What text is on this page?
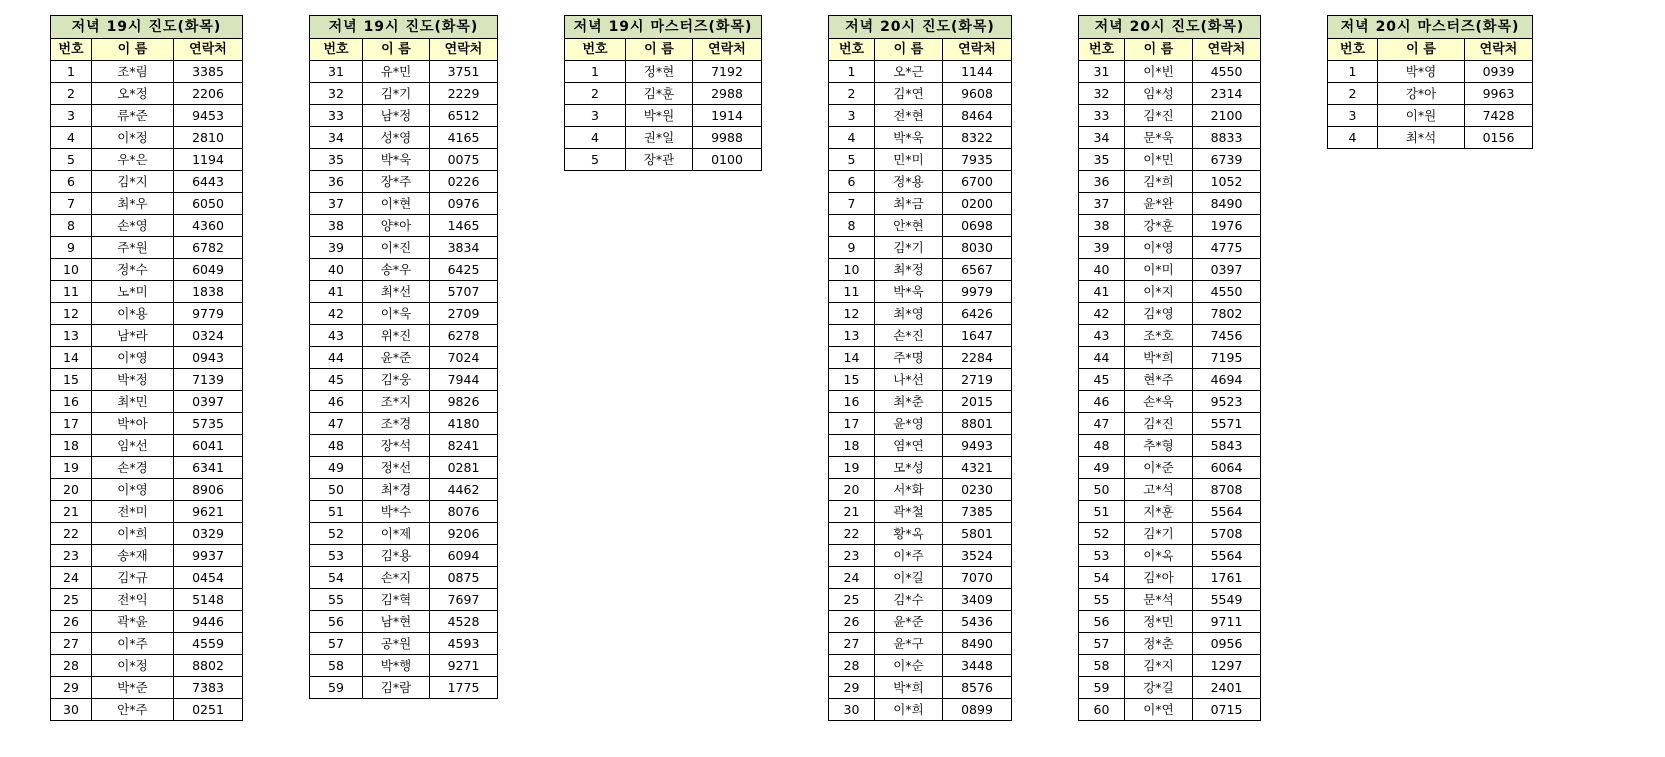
저녁 19시 진도(화목)		
번호	이 름	연락처
1	조*림	3385
2	오*정	2206
3	류*준	9453
4	이*정	2810
5	우*은	1194
6	김*지	6443
7	최*우	6050
8	손*영	4360
9	주*원	6782
10	정*수	6049
11	노*미	1838
12	이*용	9779
13	남*라	0324
14	이*영	0943
15	박*정	7139
16	최*민	0397
17	박*아	5735
18	임*선	6041
19	손*경	6341
20	이*영	8906
21	전*미	9621
22	이*희	0329
23	송*재	9937
24	김*규	0454
25	전*익	5148
26	곽*윤	9446
27	이*주	4559
28	이*정	8802
29	박*준	7383
30	안*주	0251
저녁 19시 진도(화목)		
번호	이 름	연락처
31	유*민	3751
32	김*기	2229
33	남*정	6512
34	성*영	4165
35	박*욱	0075
36	장*주	0226
37	이*현	0976
38	양*아	1465
39	이*진	3834
40	송*우	6425
41	최*선	5707
42	이*욱	2709
43	위*진	6278
44	윤*준	7024
45	김*웅	7944
46	조*지	9826
47	조*경	4180
48	장*석	8241
49	정*선	0281
50	최*경	4462
51	박*수	8076
52	이*제	9206
53	김*용	6094
54	손*지	0875
55	김*혁	7697
56	남*현	4528
57	공*원	4593
58	박*행	9271
59	김*람	1775
저녁 19시 마스터즈(화목)		
번호	이 름	연락처
1	정*현	7192
2	김*훈	2988
3	박*원	1914
4	권*일	9988
5	장*관	0100
저녁 20시 진도(화목)		
번호	이 름	연락처
1	오*근	1144
2	김*연	9608
3	전*현	8464
4	박*욱	8322
5	민*미	7935
6	정*용	6700
7	최*금	0200
8	안*현	0698
9	김*기	8030
10	최*정	6567
11	박*욱	9979
12	최*영	6426
13	손*진	1647
14	주*명	2284
15	나*선	2719
16	최*춘	2015
17	윤*영	8801
18	염*연	9493
19	모*성	4321
20	서*화	0230
21	곽*철	7385
22	황*옥	5801
23	이*주	3524
24	이*길	7070
25	김*수	3409
26	윤*준	5436
27	윤*구	8490
28	이*순	3448
29	박*희	8576
30	이*희	0899
저녁 20시 진도(화목)		
번호	이 름	연락처
31	이*빈	4550
32	임*성	2314
33	김*진	2100
34	문*욱	8833
35	이*민	6739
36	김*희	1052
37	윤*완	8490
38	강*훈	1976
39	이*영	4775
40	이*미	0397
41	이*지	4550
42	김*영	7802
43	조*호	7456
44	박*희	7195
45	현*주	4694
46	손*욱	9523
47	김*진	5571
48	추*형	5843
49	이*준	6064
50	고*석	8708
51	지*훈	5564
52	김*기	5708
53	이*옥	5564
54	김*아	1761
55	문*석	5549
56	정*민	9711
57	정*춘	0956
58	김*지	1297
59	강*길	2401
60	이*연	0715
저녁 20시 마스터즈(화목)		
번호	이 름	연락처
1	박*영	0939
2	강*아	9963
3	이*원	7428
4	최*석	0156
